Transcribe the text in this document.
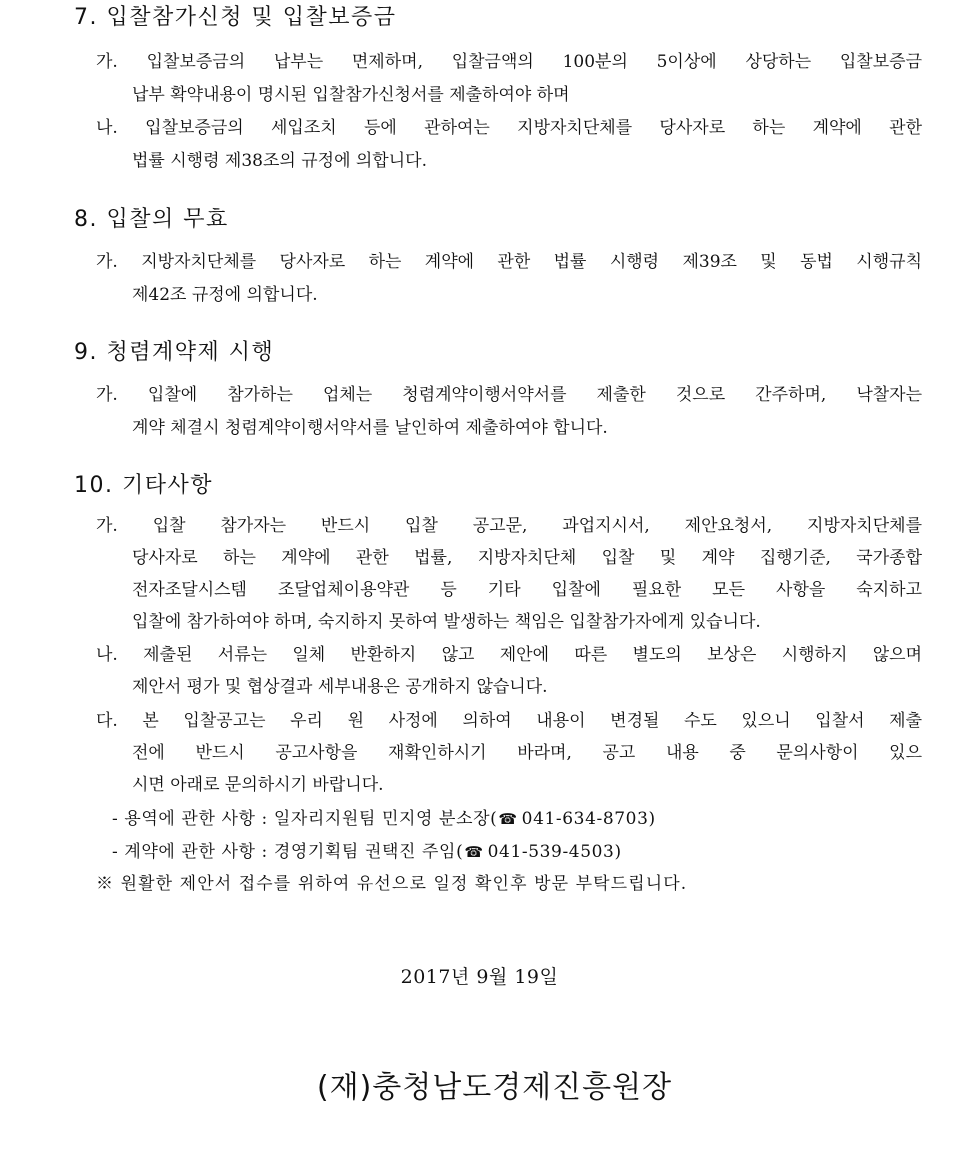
7. 입찰참가신청 및 입찰보증금
가. 입찰보증금의 납부는 면제하며, 입찰금액의 100분의 5이상에 상당하는 입찰보증금
납부 확약내용이 명시된 입찰참가신청서를 제출하여야 하며
나. 입찰보증금의 세입조치 등에 관하여는 지방자치단체를 당사자로 하는 계약에 관한
법률 시행령 제38조의 규정에 의합니다.
8. 입찰의 무효
가. 지방자치단체를 당사자로 하는 계약에 관한 법률 시행령 제39조 및 동법 시행규칙
제42조 규정에 의합니다.
9. 청렴계약제 시행
가. 입찰에 참가하는 업체는 청렴계약이행서약서를 제출한 것으로 간주하며, 낙찰자는
계약 체결시 청렴계약이행서약서를 날인하여 제출하여야 합니다.
10. 기타사항
가. 입찰 참가자는 반드시 입찰 공고문, 과업지시서, 제안요청서, 지방자치단체를
당사자로 하는 계약에 관한 법률, 지방자치단체 입찰 및 계약 집행기준, 국가종합
전자조달시스템 조달업체이용약관 등 기타 입찰에 필요한 모든 사항을 숙지하고
입찰에 참가하여야 하며, 숙지하지 못하여 발생하는 책임은 입찰참가자에게 있습니다.
나. 제출된 서류는 일체 반환하지 않고 제안에 따른 별도의 보상은 시행하지 않으며
제안서 평가 및 협상결과 세부내용은 공개하지 않습니다.
다. 본 입찰공고는 우리 원 사정에 의하여 내용이 변경될 수도 있으니 입찰서 제출
전에 반드시 공고사항을 재확인하시기 바라며, 공고 내용 중 문의사항이 있으
시면 아래로 문의하시기 바랍니다.
- 용역에 관한 사항 : 일자리지원팀 민지영 분소장(☎ 041-634-8703)
- 계약에 관한 사항 : 경영기획팀 권택진 주임(☎ 041-539-4503)
※ 원활한 제안서 접수를 위하여 유선으로 일정 확인후 방문 부탁드립니다.
2017년 9월 19일
(재)충청남도경제진흥원장
